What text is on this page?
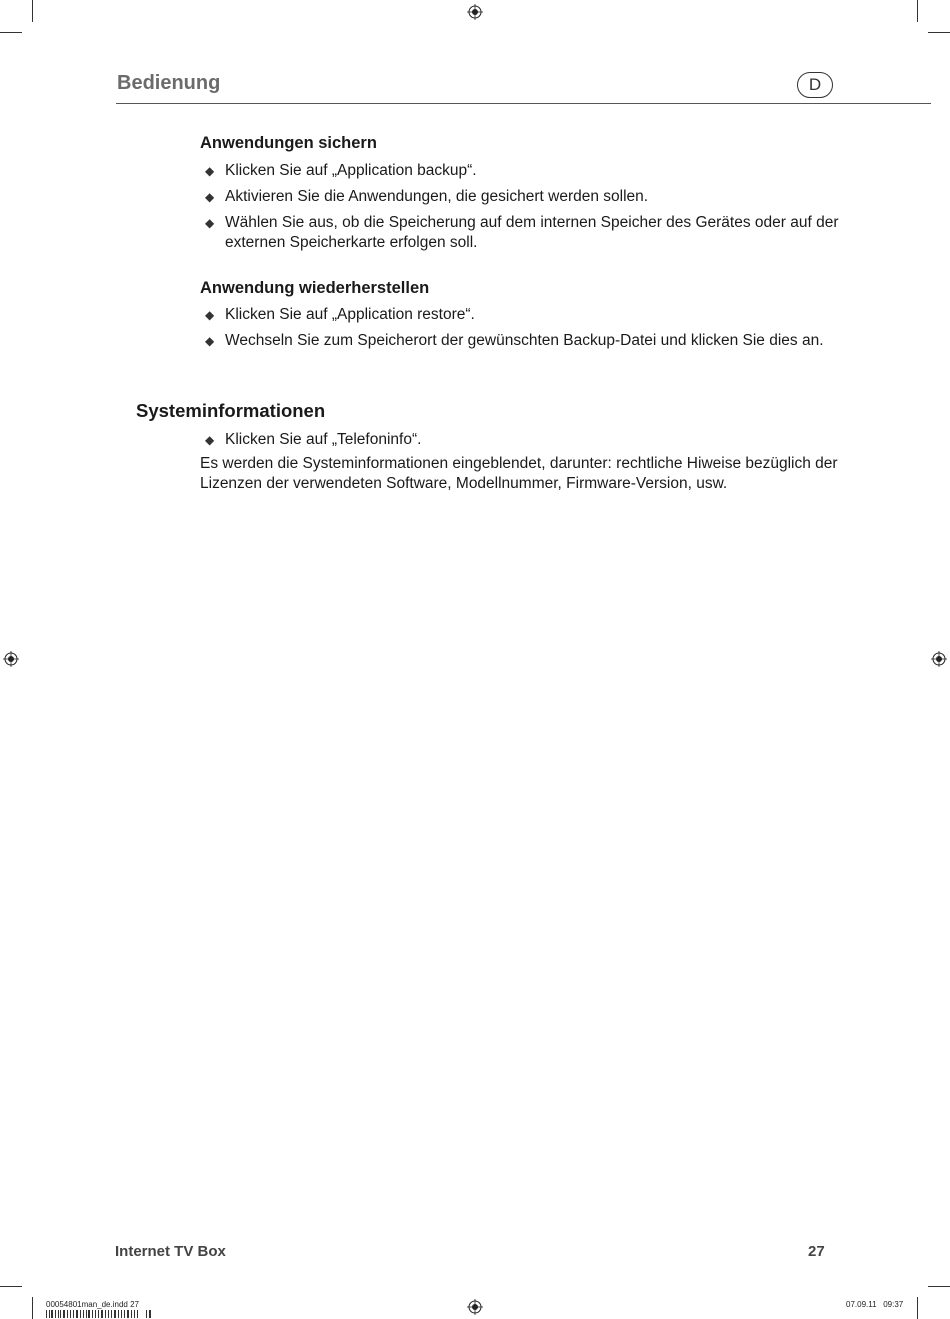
Bedienung	D
Anwendungen sichern
◆ Klicken Sie auf „Application backup“.
◆ Aktivieren Sie die Anwendungen, die gesichert werden sollen.
◆ Wählen Sie aus, ob die Speicherung auf dem internen Speicher des Gerätes oder auf der externen Speicherkarte erfolgen soll.
Anwendung wiederherstellen
◆ Klicken Sie auf „Application restore“.
◆ Wechseln Sie zum Speicherort der gewünschten Backup-Datei und klicken Sie dies an.
Systeminformationen
◆ Klicken Sie auf „Telefoninfo“.
Es werden die Systeminformationen eingeblendet, darunter: rechtliche Hiweise bezüglich der Lizenzen der verwendeten Software, Modellnummer, Firmware-Version, usw.
Internet TV Box	27
00054801man_de.indd 27	07.09.11 09:37
